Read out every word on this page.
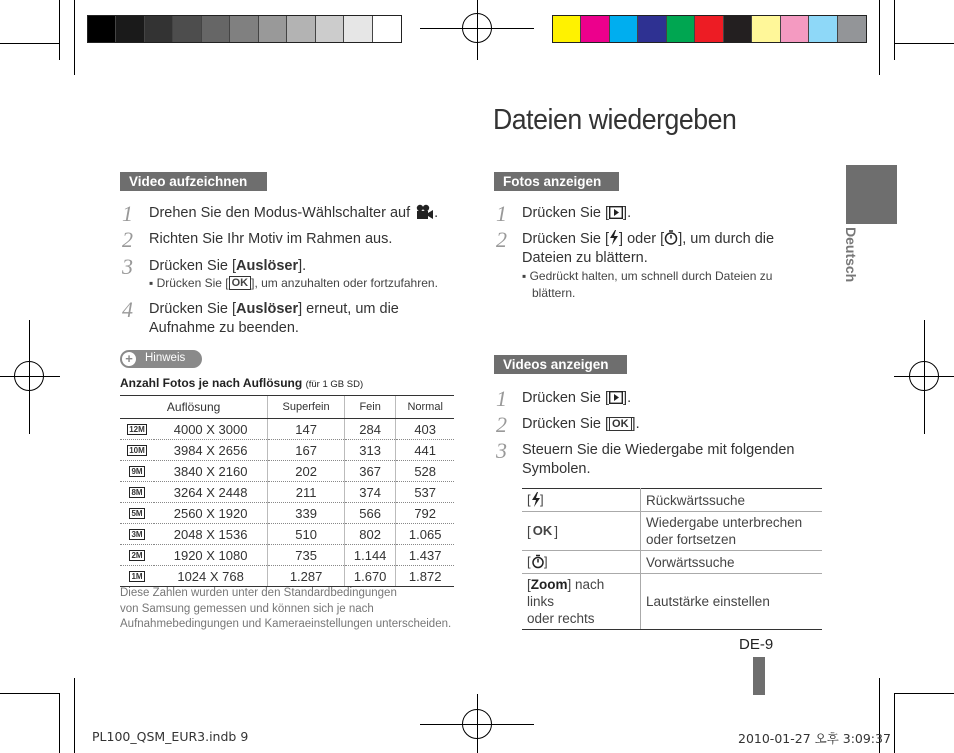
Dateien wiedergeben
Video aufzeichnen
1 Drehen Sie den Modus-Wählschalter auf .
2 Richten Sie Ihr Motiv im Rahmen aus.
3 Drücken Sie [Auslöser].
▪ Drücken Sie [ OK ], um anzuhalten oder fortzufahren.
4 Drücken Sie [Auslöser] erneut, um die
Aufnahme zu beenden.
+ Hinweis
Anzahl Fotos je nach Auflösung (für 1 GB SD)
Auflösung		Superfein	Fein	Normal
12M	4000 X 3000	147	284	403
10M	3984 X 2656	167	313	441
9M	3840 X 2160	202	367	528
8M	3264 X 2448	211	374	537
5M	2560 X 1920	339	566	792
3M	2048 X 1536	510	802	1.065
2M	1920 X 1080	735	1.144	1.437
1M	1024 X 768	1.287	1.670	1.872
Diese Zahlen wurden unter den Standardbedingungen
von Samsung gemessen und können sich je nach
Aufnahmebedingungen und Kameraeinstellungen unterscheiden.
Fotos anzeigen
1 Drücken Sie [ ].
2 Drücken Sie [ ] oder [ ], um durch die
Dateien zu blättern.
▪ Gedrückt halten, um schnell durch Dateien zu
blättern.
Videos anzeigen
1 Drücken Sie [ ].
2 Drücken Sie [ OK ].
3 Steuern Sie die Wiedergabe mit folgenden
Symbolen.
[ ]	Rückwärtssuche
[ OK ]	Wiedergabe unterbrechen
oder fortsetzen

[ ]	Vorwärtssuche
[Zoom] nach links
oder rechts	Lautstärke einstellen
Deutsch
DE-9
PL100_QSM_EUR3.indb 9	2010-01-27 오후 3:09:37
